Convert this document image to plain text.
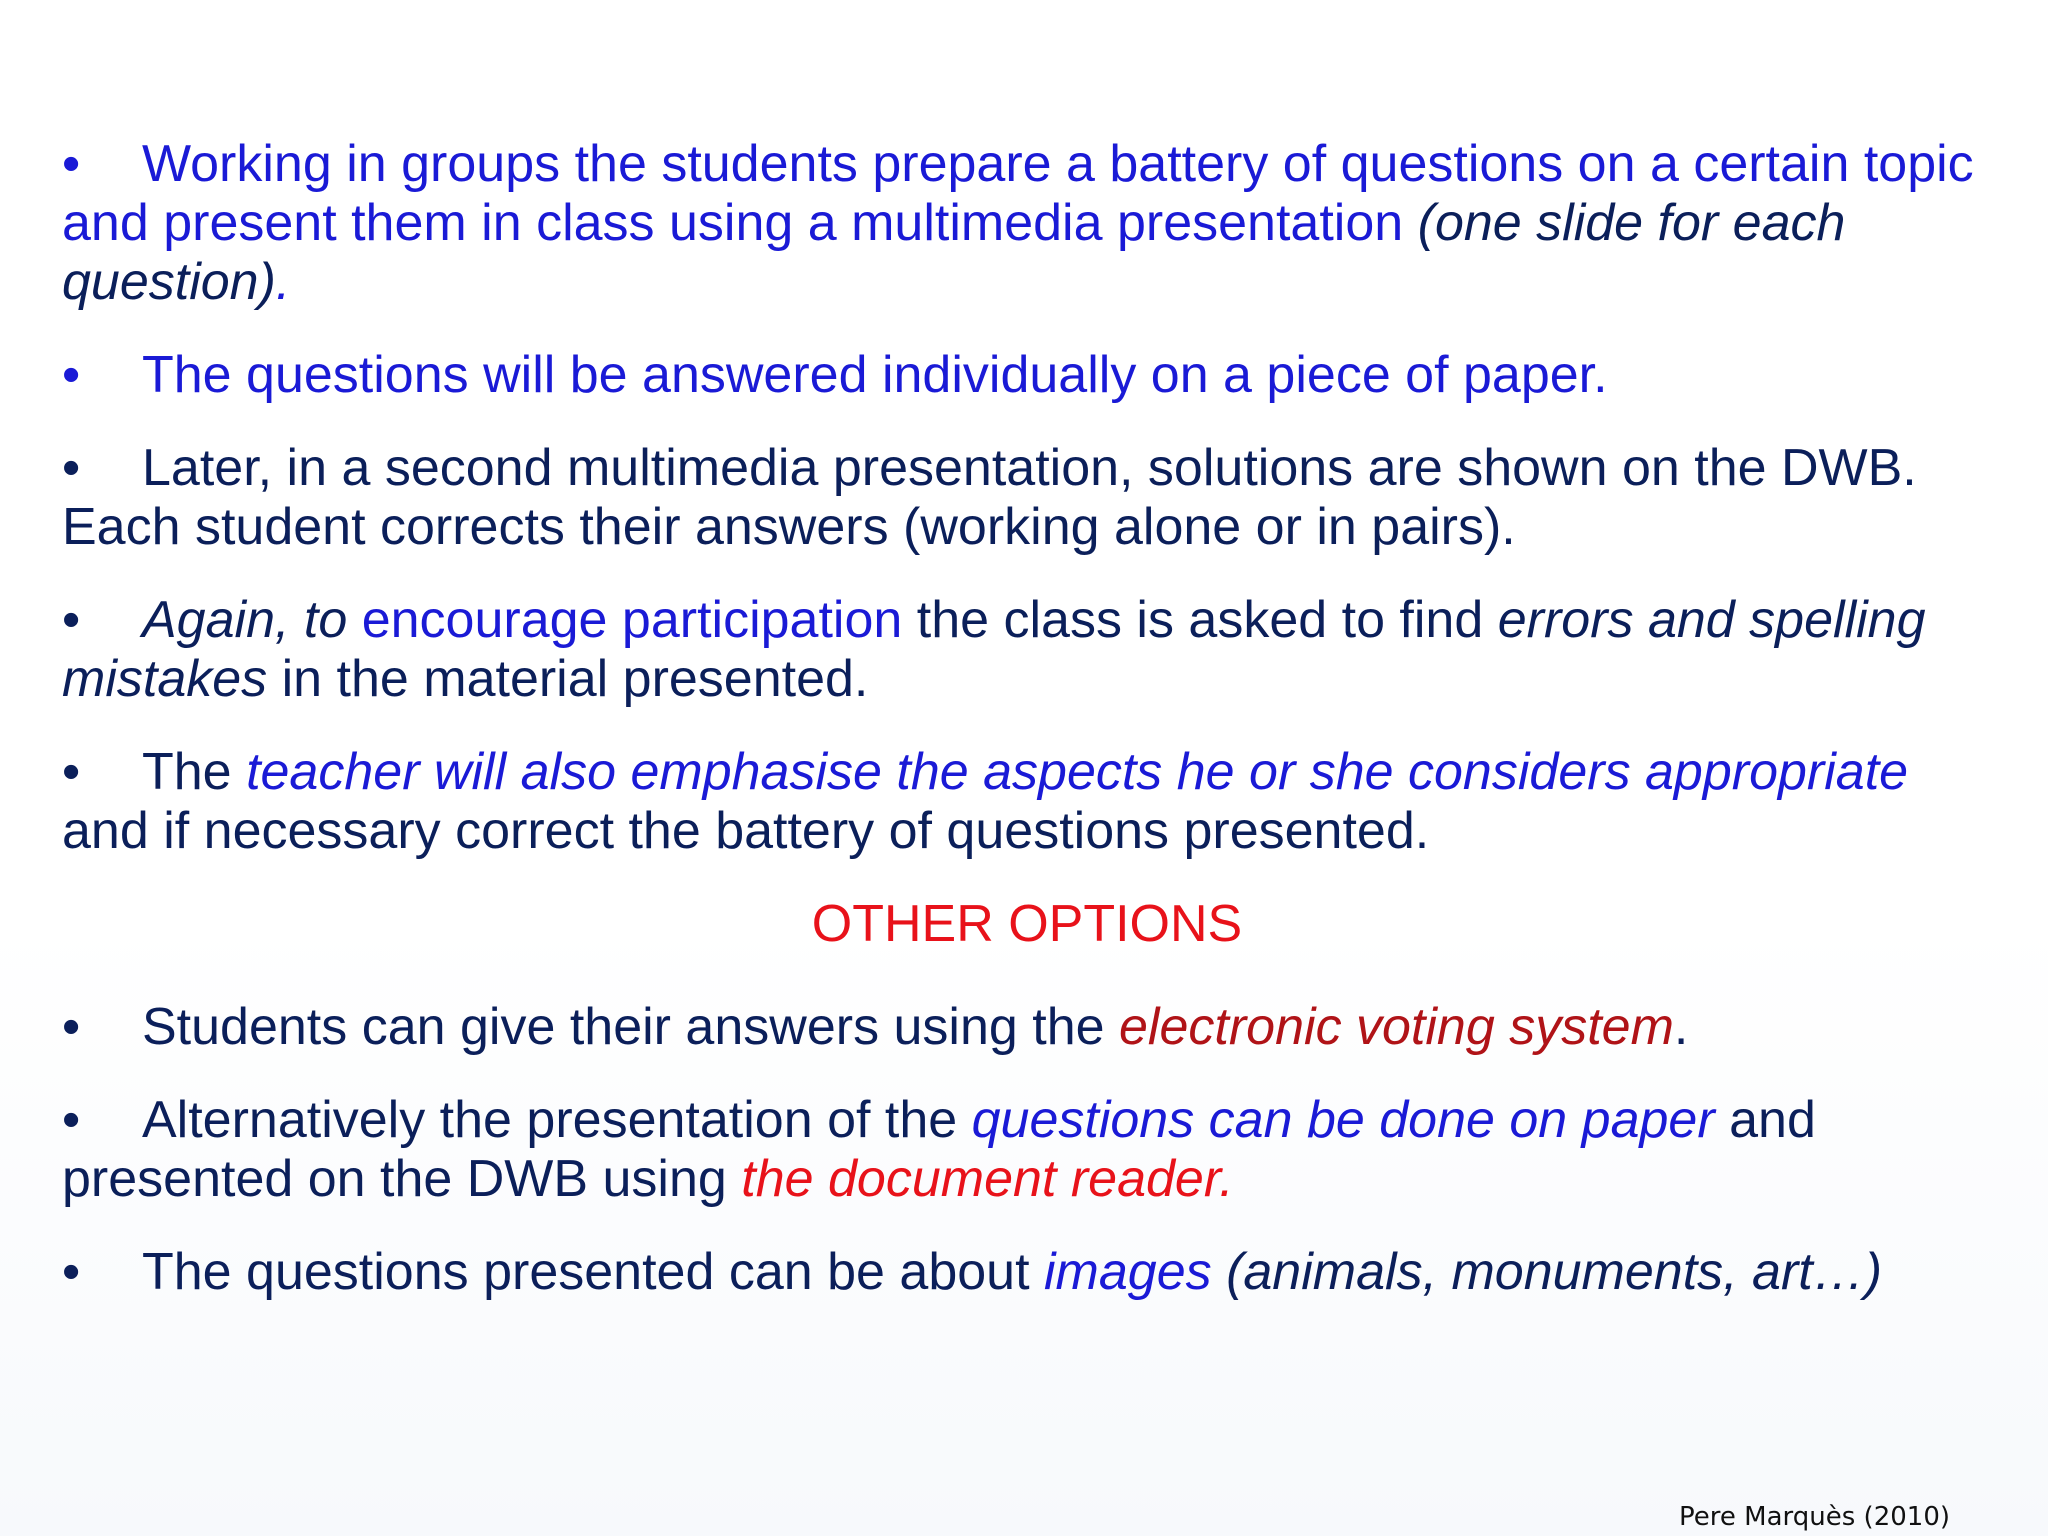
• Working in groups the students prepare a battery of questions on a certain topic and present them in class using a multimedia presentation (one slide for each question).
• The questions will be answered individually on a piece of paper.
• Later, in a second multimedia presentation, solutions are shown on the DWB. Each student corrects their answers (working alone or in pairs).
• Again, to encourage participation the class is asked to find errors and spelling mistakes in the material presented.
• The teacher will also emphasise the aspects he or she considers appropriate and if necessary correct the battery of questions presented.
OTHER OPTIONS
• Students can give their answers using the electronic voting system.
• Alternatively the presentation of the questions can be done on paper and presented on the DWB using the document reader.
• The questions presented can be about images (animals, monuments, art…)
Pere Marquès (2010)
